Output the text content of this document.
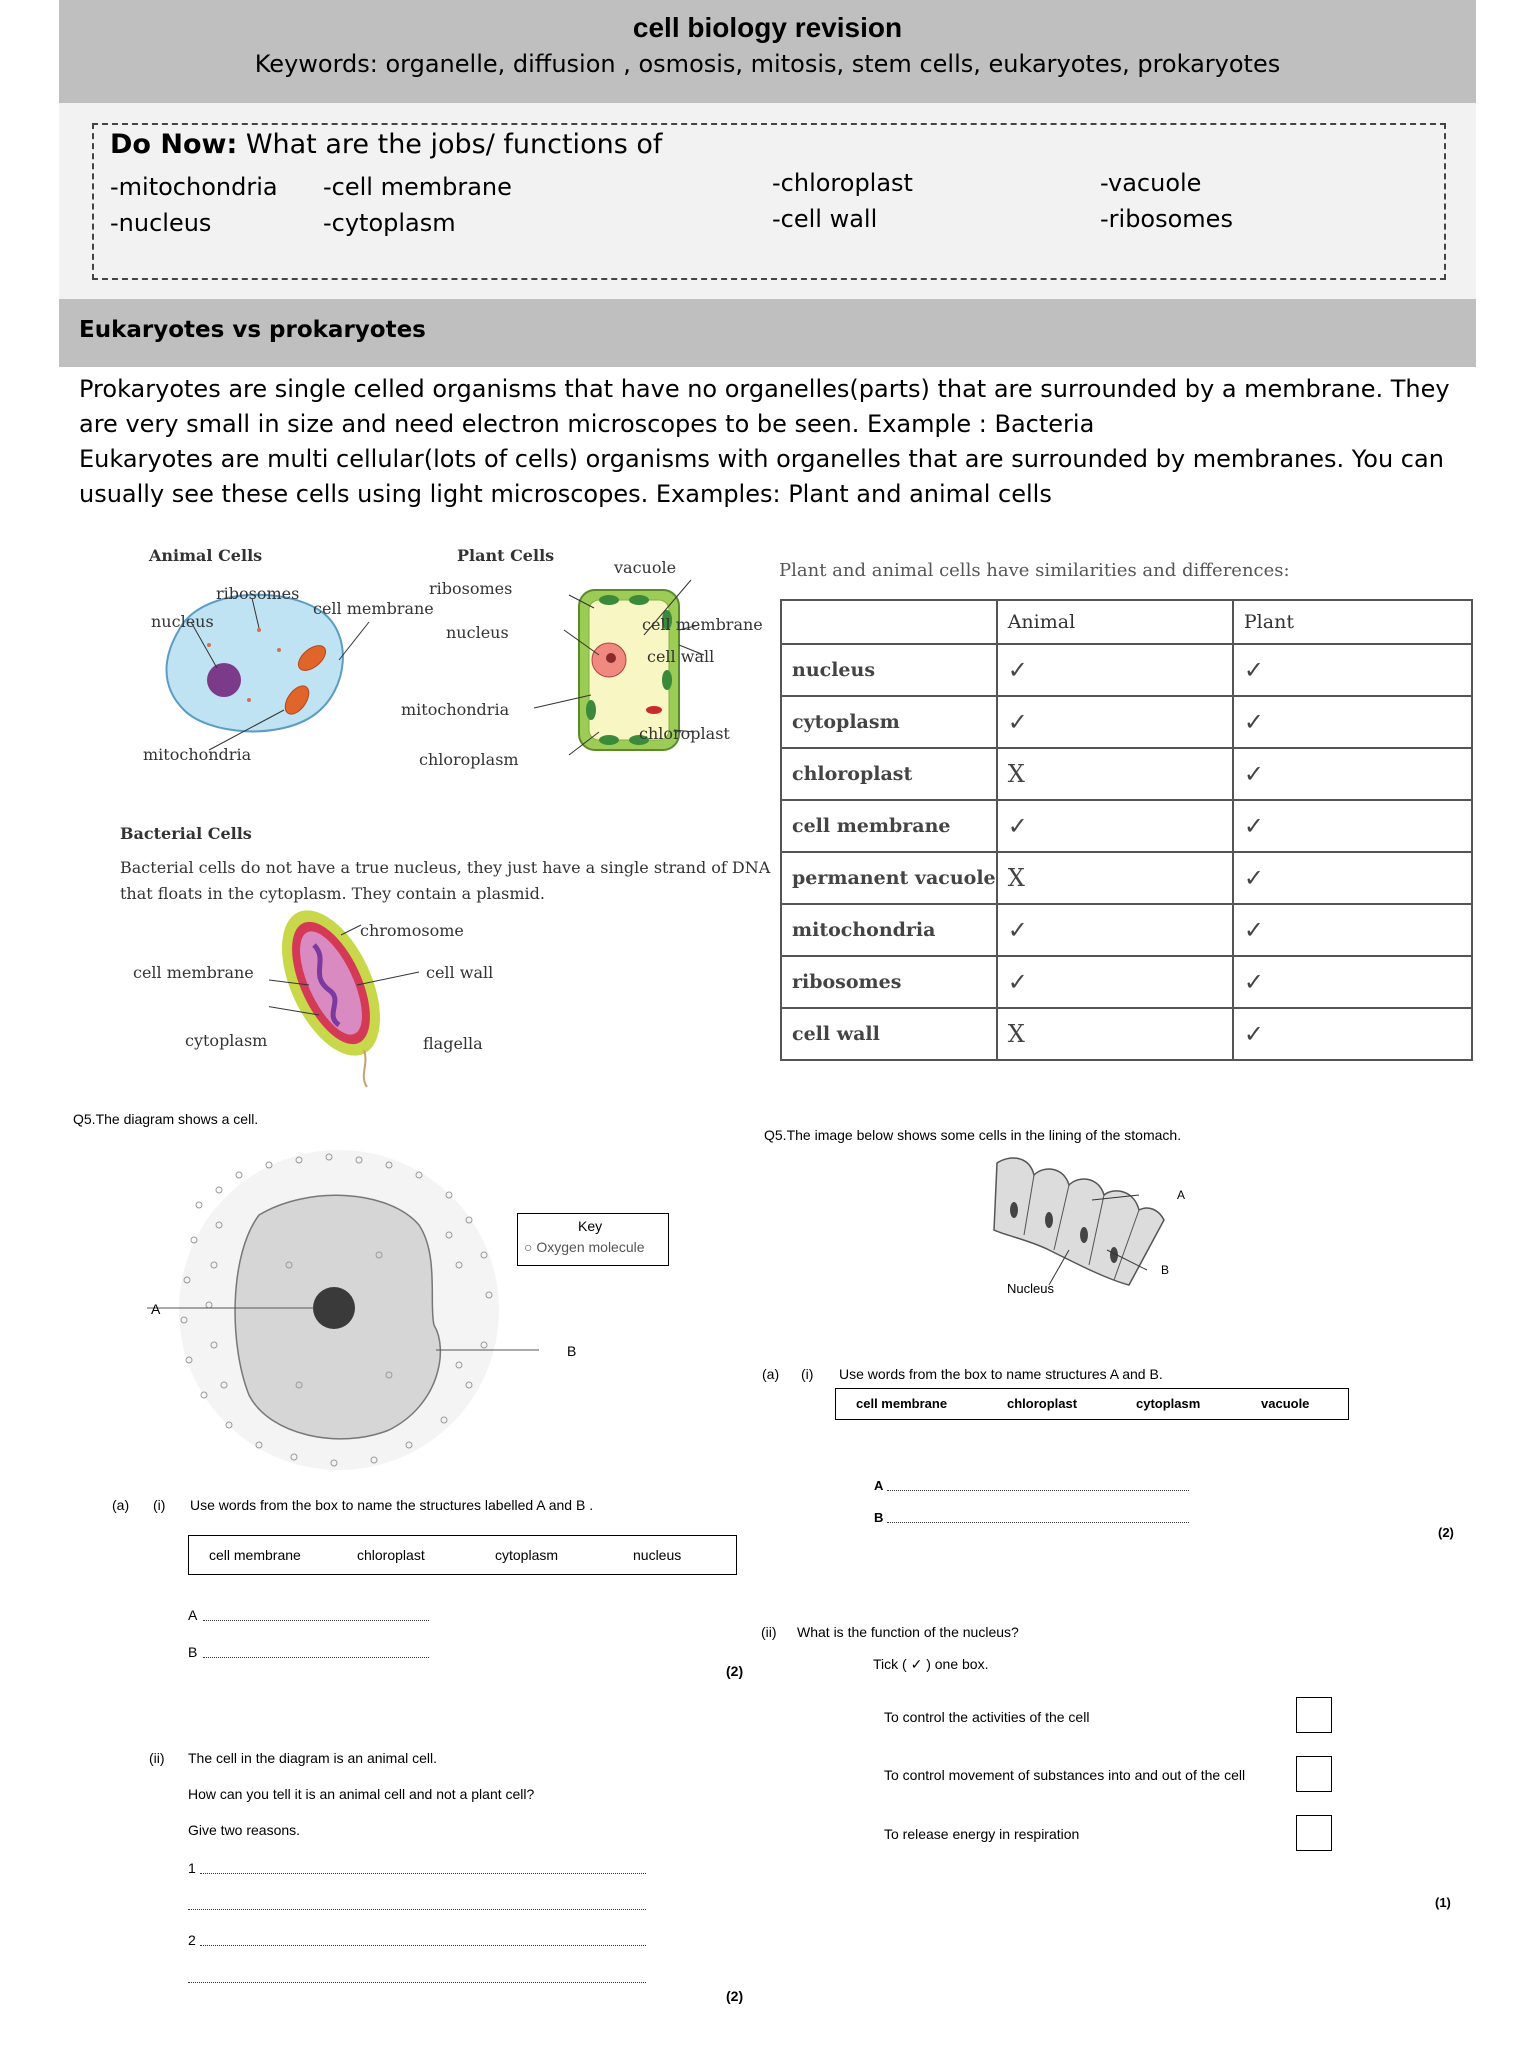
cell biology revision
Keywords: organelle, diffusion , osmosis, mitosis, stem cells, eukaryotes, prokaryotes
Do Now: What are the jobs/ functions of
-mitochondria -cell membrane	-chloroplast	-vacuole
-nucleus	-cytoplasm	-cell wall	-ribosomes
Eukaryotes vs prokaryotes
Prokaryotes are single celled organisms that have no organelles(parts) that are surrounded by a membrane. They are very small in size and need electron microscopes to be seen. Example : Bacteria
Eukaryotes are multi cellular(lots of cells) organisms with organelles that are surrounded by membranes. You can usually see these cells using light microscopes. Examples: Plant and animal cells
Animal Cells	Plant Cells
ribosomes
cell membrane
nucleus
mitochondria
vacuole
ribosomes
cell membrane
nucleus
cell wall
mitochondria
chloroplast
chloroplasm
Bacterial Cells
Bacterial cells do not have a true nucleus, they just have a single strand of DNA
that floats in the cytoplasm. They contain a plasmid.
chromosome
cell membrane	cell wall
cytoplasm	flagella
Plant and animal cells have similarities and differences:
	Animal	Plant
nucleus	✓	✓
cytoplasm	✓	✓
chloroplast	X	✓
cell membrane	✓	✓
permanent vacuole	X	✓
mitochondria	✓	✓
ribosomes	✓	✓
cell wall	X	✓
Q5.The diagram shows a cell.
A
B
Key
○ Oxygen molecule
(a) (i) Use words from the box to name the structures labelled A and B .
cell membrane	chloroplast	cytoplasm	nucleus
A
B
(2)
(ii) The cell in the diagram is an animal cell.
How can you tell it is an animal cell and not a plant cell?
Give two reasons.
1
2
(2)
Q5.The image below shows some cells in the lining of the stomach.
A
B
Nucleus
(a) (i) Use words from the box to name structures A and B.
cell membrane	chloroplast	cytoplasm	vacuole
A
B
(2)
(ii) What is the function of the nucleus?
Tick ( ✓ ) one box.
To control the activities of the cell
To control movement of substances into and out of the cell
To release energy in respiration
(1)
